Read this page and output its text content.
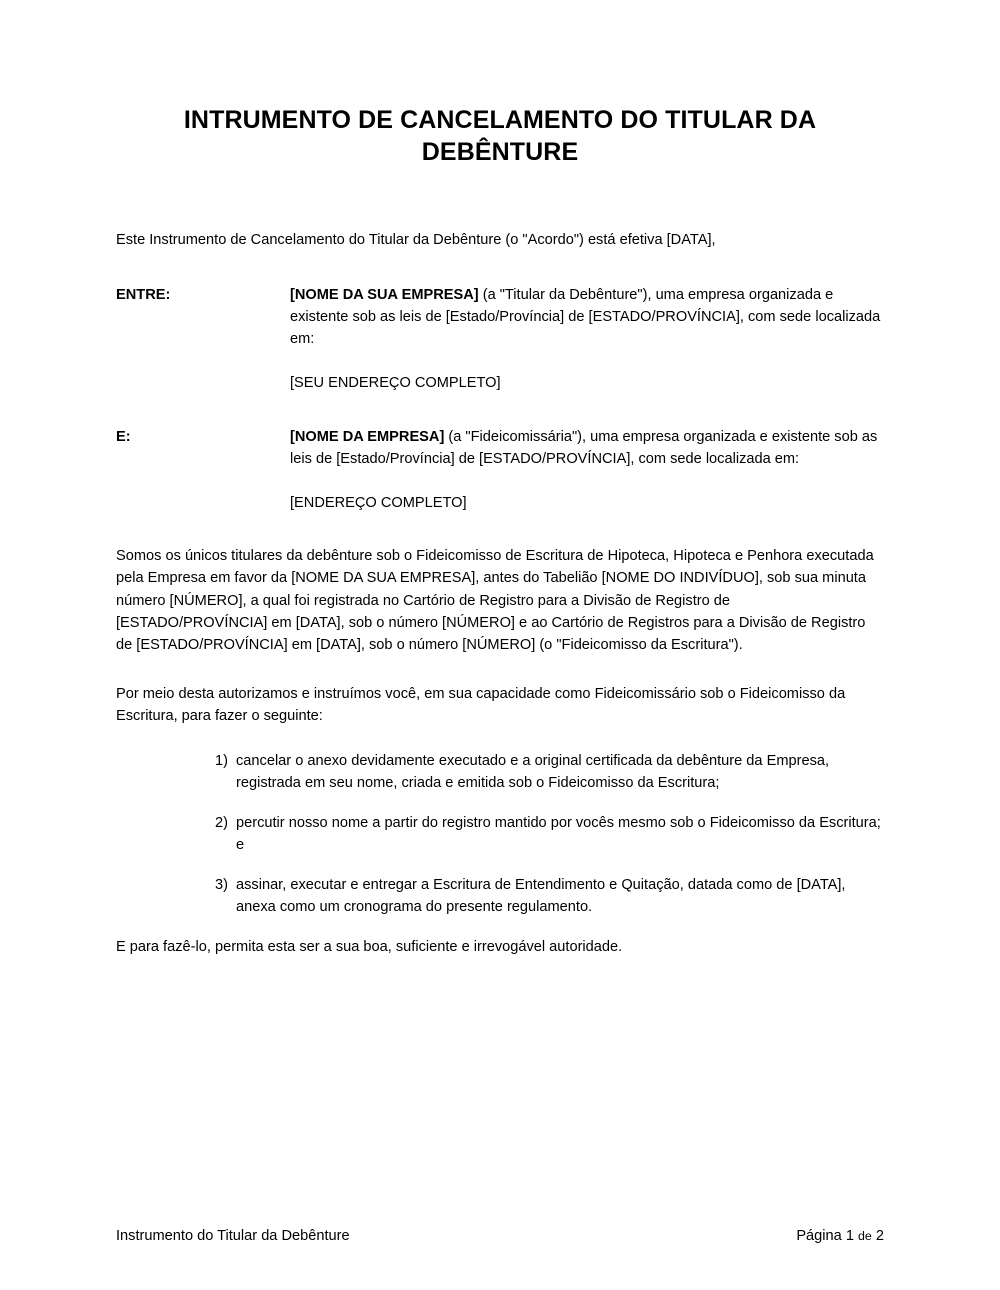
INTRUMENTO DE CANCELAMENTO DO TITULAR DA DEBÊNTURE

Este Instrumento de Cancelamento do Titular da Debênture (o "Acordo") está efetiva [DATA],

ENTRE:	[NOME DA SUA EMPRESA] (a "Titular da Debênture"), uma empresa organizada e existente sob as leis de [Estado/Província] de [ESTADO/PROVÍNCIA], com sede localizada em:

[SEU ENDEREÇO COMPLETO]

E:	[NOME DA EMPRESA] (a "Fideicomissária"), uma empresa organizada e existente sob as leis de [Estado/Província] de [ESTADO/PROVÍNCIA], com sede localizada em:

[ENDEREÇO COMPLETO]

Somos os únicos titulares da debênture sob o Fideicomisso de Escritura de Hipoteca, Hipoteca e Penhora executada pela Empresa em favor da [NOME DA SUA EMPRESA], antes do Tabelião [NOME DO INDIVÍDUO], sob sua minuta número [NÚMERO], a qual foi registrada no Cartório de Registro para a Divisão de Registro de [ESTADO/PROVÍNCIA] em [DATA], sob o número [NÚMERO] e ao Cartório de Registros para a Divisão de Registro de [ESTADO/PROVÍNCIA] em [DATA], sob o número [NÚMERO] (o "Fideicomisso da Escritura").

Por meio desta autorizamos e instruímos você, em sua capacidade como Fideicomissário sob o Fideicomisso da Escritura, para fazer o seguinte:

1) cancelar o anexo devidamente executado e a original certificada da debênture da Empresa, registrada em seu nome, criada e emitida sob o Fideicomisso da Escritura;
2) percutir nosso nome a partir do registro mantido por vocês mesmo sob o Fideicomisso da Escritura; e
3) assinar, executar e entregar a Escritura de Entendimento e Quitação, datada como de [DATA], anexa como um cronograma do presente regulamento.

E para fazê-lo, permita esta ser a sua boa, suficiente e irrevogável autoridade.

Instrumento do Titular da Debênture	Página 1 de 2
